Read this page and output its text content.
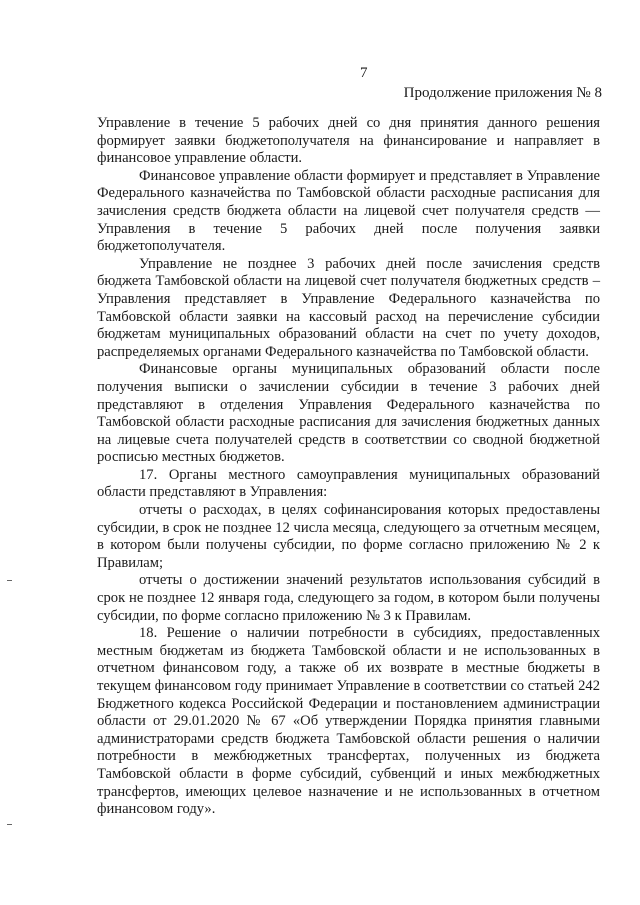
7
Продолжение приложения № 8

Управление в течение 5 рабочих дней со дня принятия данного решения формирует заявки бюджетополучателя на финансирование и направляет в финансовое управление области.

Финансовое управление области формирует и представляет в Управление Федерального казначейства по Тамбовской области расходные расписания для зачисления средств бюджета области на лицевой счет получателя средств — Управления в течение 5 рабочих дней после получения заявки бюджетополучателя.

Управление не позднее 3 рабочих дней после зачисления средств бюджета Тамбовской области на лицевой счет получателя бюджетных средств – Управления представляет в Управление Федерального казначейства по Тамбовской области заявки на кассовый расход на перечисление субсидии бюджетам муниципальных образований области на счет по учету доходов, распределяемых органами Федерального казначейства по Тамбовской области.

Финансовые органы муниципальных образований области после получения выписки о зачислении субсидии в течение 3 рабочих дней представляют в отделения Управления Федерального казначейства по Тамбовской области расходные расписания для зачисления бюджетных данных на лицевые счета получателей средств в соответствии со сводной бюджетной росписью местных бюджетов.

17. Органы местного самоуправления муниципальных образований области представляют в Управления:

отчеты о расходах, в целях софинансирования которых предоставлены субсидии, в срок не позднее 12 числа месяца, следующего за отчетным месяцем, в котором были получены субсидии, по форме согласно приложению № 2 к Правилам;

отчеты о достижении значений результатов использования субсидий в срок не позднее 12 января года, следующего за годом, в котором были получены субсидии, по форме согласно приложению № 3 к Правилам.

18. Решение о наличии потребности в субсидиях, предоставленных местным бюджетам из бюджета Тамбовской области и не использованных в отчетном финансовом году, а также об их возврате в местные бюджеты в текущем финансовом году принимает Управление в соответствии со статьей 242 Бюджетного кодекса Российской Федерации и постановлением администрации области от 29.01.2020 № 67 «Об утверждении Порядка принятия главными администраторами средств бюджета Тамбовской области решения о наличии потребности в межбюджетных трансфертах, полученных из бюджета Тамбовской области в форме субсидий, субвенций и иных межбюджетных трансфертов, имеющих целевое назначение и не использованных в отчетном финансовом году».
